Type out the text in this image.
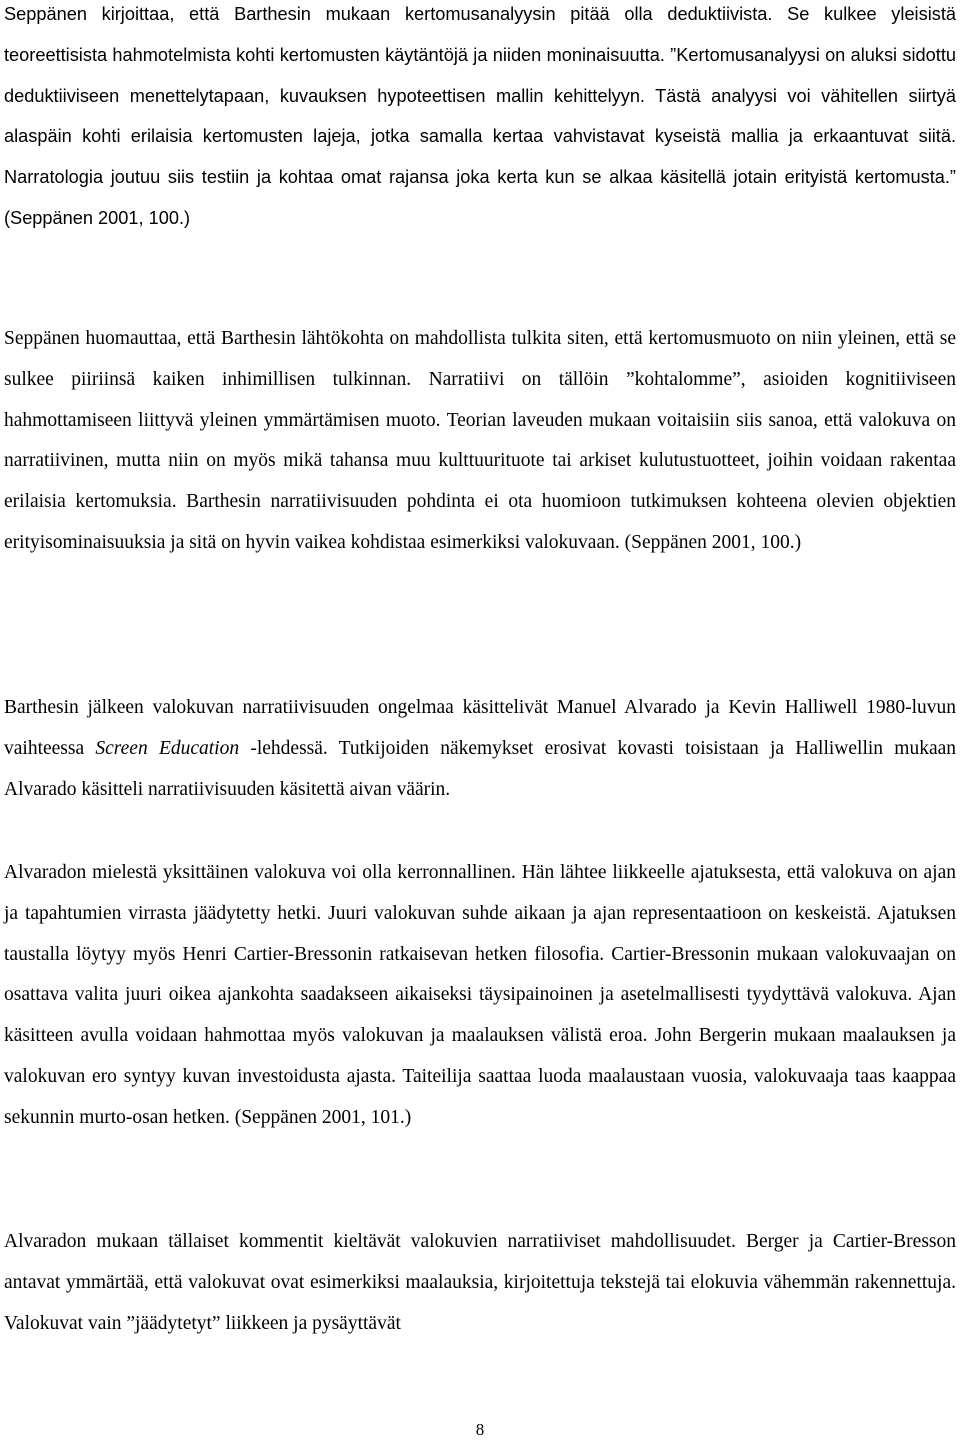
Seppänen kirjoittaa, että Barthesin mukaan kertomusanalyysin pitää olla deduktiivista. Se kulkee yleisistä teoreettisista hahmotelmista kohti kertomusten käytäntöjä ja niiden moninaisuutta. ”Kertomusanalyysi on aluksi sidottu deduktiiviseen menettelytapaan, kuvauksen hypoteettisen mallin kehittelyyn. Tästä analyysi voi vähitellen siirtyä alaspäin kohti erilaisia kertomusten lajeja, jotka samalla kertaa vahvistavat kyseistä mallia ja erkaantuvat siitä. Narratologia joutuu siis testiin ja kohtaa omat rajansa joka kerta kun se alkaa käsitellä jotain erityistä kertomusta.” (Seppänen 2001, 100.)

Seppänen huomauttaa, että Barthesin lähtökohta on mahdollista tulkita siten, että kertomusmuoto on niin yleinen, että se sulkee piiriinsä kaiken inhimillisen tulkinnan. Narratiivi on tällöin ”kohtalomme”, asioiden kognitiiviseen hahmottamiseen liittyvä yleinen ymmärtämisen muoto. Teorian laveuden mukaan voitaisiin siis sanoa, että valokuva on narratiivinen, mutta niin on myös mikä tahansa muu kulttuurituote tai arkiset kulutustuotteet, joihin voidaan rakentaa erilaisia kertomuksia. Barthesin narratiivisuuden pohdinta ei ota huomioon tutkimuksen kohteena olevien objektien erityisominaisuuksia ja sitä on hyvin vaikea kohdistaa esimerkiksi valokuvaan. (Seppänen 2001, 100.)

Barthesin jälkeen valokuvan narratiivisuuden ongelmaa käsittelivät Manuel Alvarado ja Kevin Halliwell 1980-luvun vaihteessa Screen Education -lehdessä. Tutkijoiden näkemykset erosivat kovasti toisistaan ja Halliwellin mukaan Alvarado käsitteli narratiivisuuden käsitettä aivan väärin.

Alvaradon mielestä yksittäinen valokuva voi olla kerronnallinen. Hän lähtee liikkeelle ajatuksesta, että valokuva on ajan ja tapahtumien virrasta jäädytetty hetki. Juuri valokuvan suhde aikaan ja ajan representaatioon on keskeistä. Ajatuksen taustalla löytyy myös Henri Cartier-Bressonin ratkaisevan hetken filosofia. Cartier-Bressonin mukaan valokuvaajan on osattava valita juuri oikea ajankohta saadakseen aikaiseksi täysipainoinen ja asetelmallisesti tyydyttävä valokuva. Ajan käsitteen avulla voidaan hahmottaa myös valokuvan ja maalauksen välistä eroa. John Bergerin mukaan maalauksen ja valokuvan ero syntyy kuvan investoidusta ajasta. Taiteilija saattaa luoda maalaustaan vuosia, valokuvaaja taas kaappaa sekunnin murto-osan hetken. (Seppänen 2001, 101.)

Alvaradon mukaan tällaiset kommentit kieltävät valokuvien narratiiviset mahdollisuudet. Berger ja Cartier-Bresson antavat ymmärtää, että valokuvat ovat esimerkiksi maalauksia, kirjoitettuja tekstejä tai elokuvia vähemmän rakennettuja. Valokuvat vain ”jäädytetyt” liikkeen ja pysäyttävät

8
